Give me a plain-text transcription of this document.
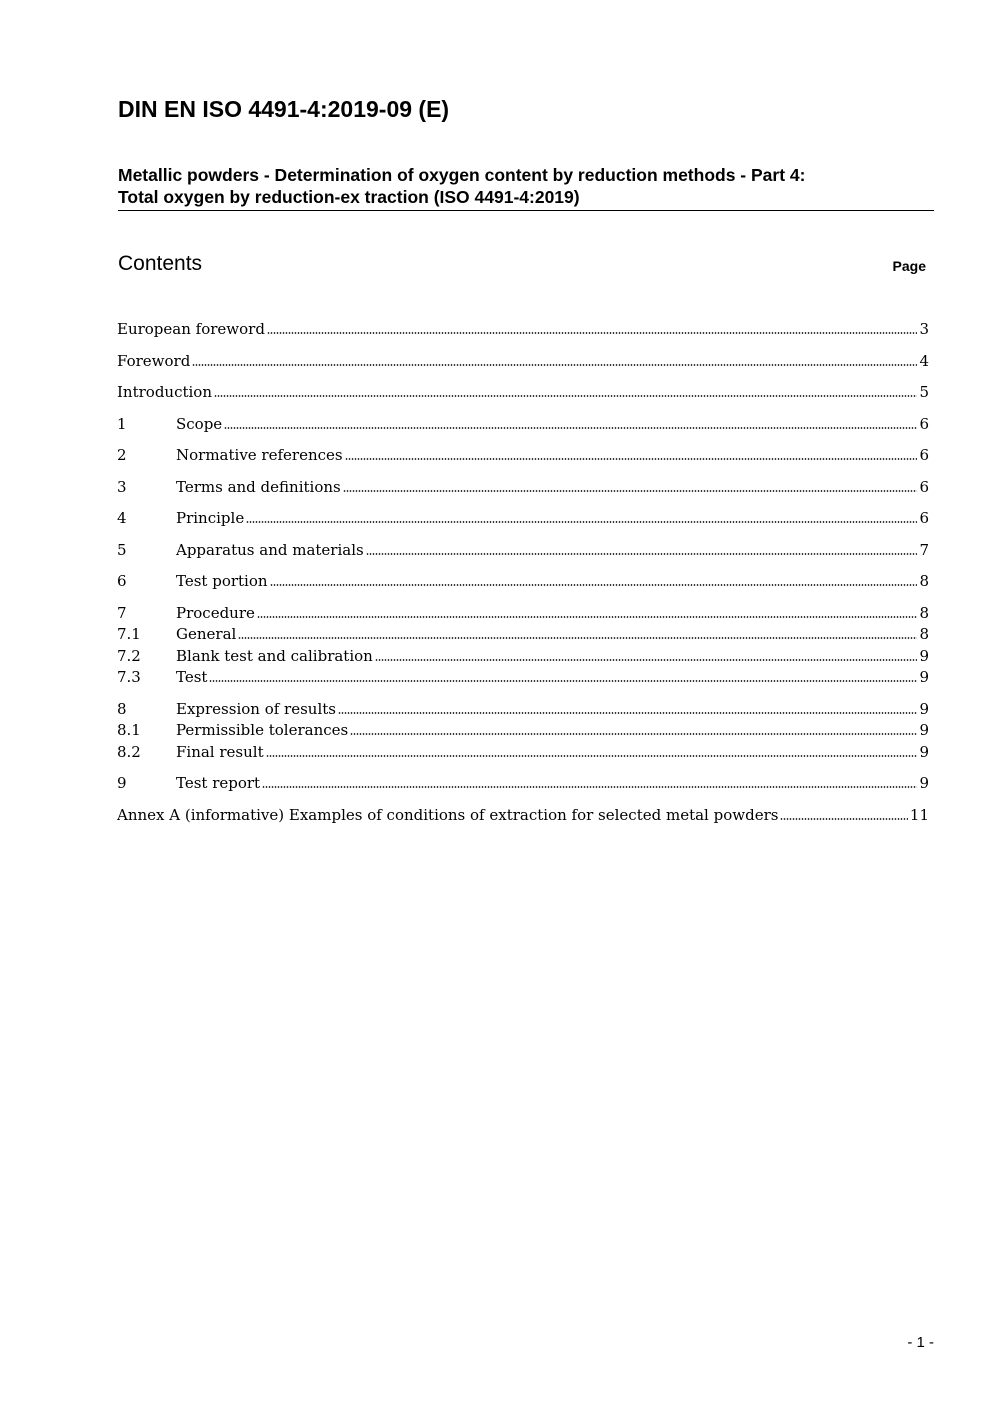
DIN EN ISO 4491-4:2019-09 (E)
Metallic powders - Determination of oxygen content by reduction methods - Part 4:
Total oxygen by reduction-ex traction (ISO 4491-4:2019)
Contents	Page
European foreword	3
Foreword	4
Introduction	5
1	Scope	6
2	Normative references	6
3	Terms and definitions	6
4	Principle	6
5	Apparatus and materials	7
6	Test portion	8
7	Procedure	8
7.1	General	8
7.2	Blank test and calibration	9
7.3	Test	9
8	Expression of results	9
8.1	Permissible tolerances	9
8.2	Final result	9
9	Test report	9
Annex A (informative) Examples of conditions of extraction for selected metal powders	11
- 1 -
